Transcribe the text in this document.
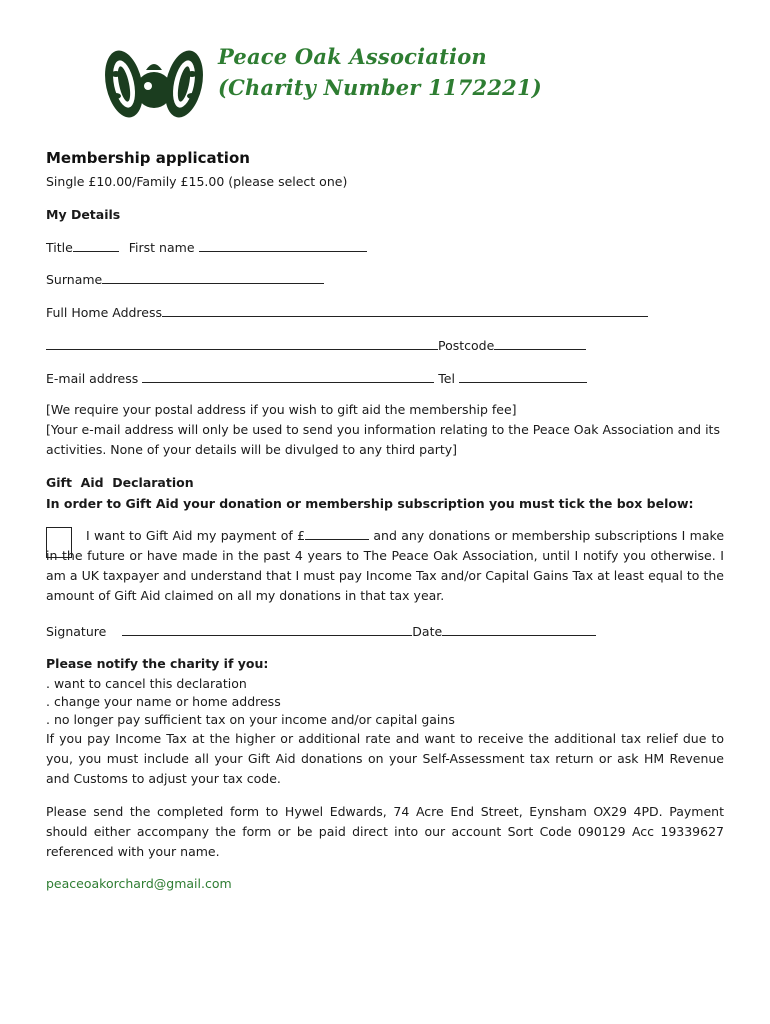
Peace Oak Association
(Charity Number 1172221)
Membership application
Single £10.00/Family £15.00 (please select one)
My Details
Title	First name
Surname
Full Home Address
Postcode
E-mail address	Tel
[We require your postal address if you wish to gift aid the membership fee]
[Your e-mail address will only be used to send you information relating to the Peace Oak Association and its activities. None of your details will be divulged to any third party]
Gift  Aid  Declaration
In order to Gift Aid your donation or membership subscription you must tick the box below:
I want to Gift Aid my payment of £	and any donations or membership subscriptions I make in the future or have made in the past 4 years to The Peace Oak Association, until I notify you otherwise. I am a UK taxpayer and understand that I must pay Income Tax and/or Capital Gains Tax at least equal to the amount of Gift Aid claimed on all my donations in that tax year.
Signature	Date
Please notify the charity if you:
. want to cancel this declaration
. change your name or home address
. no longer pay sufficient tax on your income and/or capital gains
If you pay Income Tax at the higher or additional rate and want to receive the additional tax relief due to you, you must include all your Gift Aid donations on your Self-Assessment tax return or ask HM Revenue and Customs to adjust your tax code.
Please send the completed form to Hywel Edwards, 74 Acre End Street, Eynsham OX29 4PD. Payment should either accompany the form or be paid direct into our account Sort Code 090129 Acc 19339627 referenced with your name.
peaceoakorchard@gmail.com
